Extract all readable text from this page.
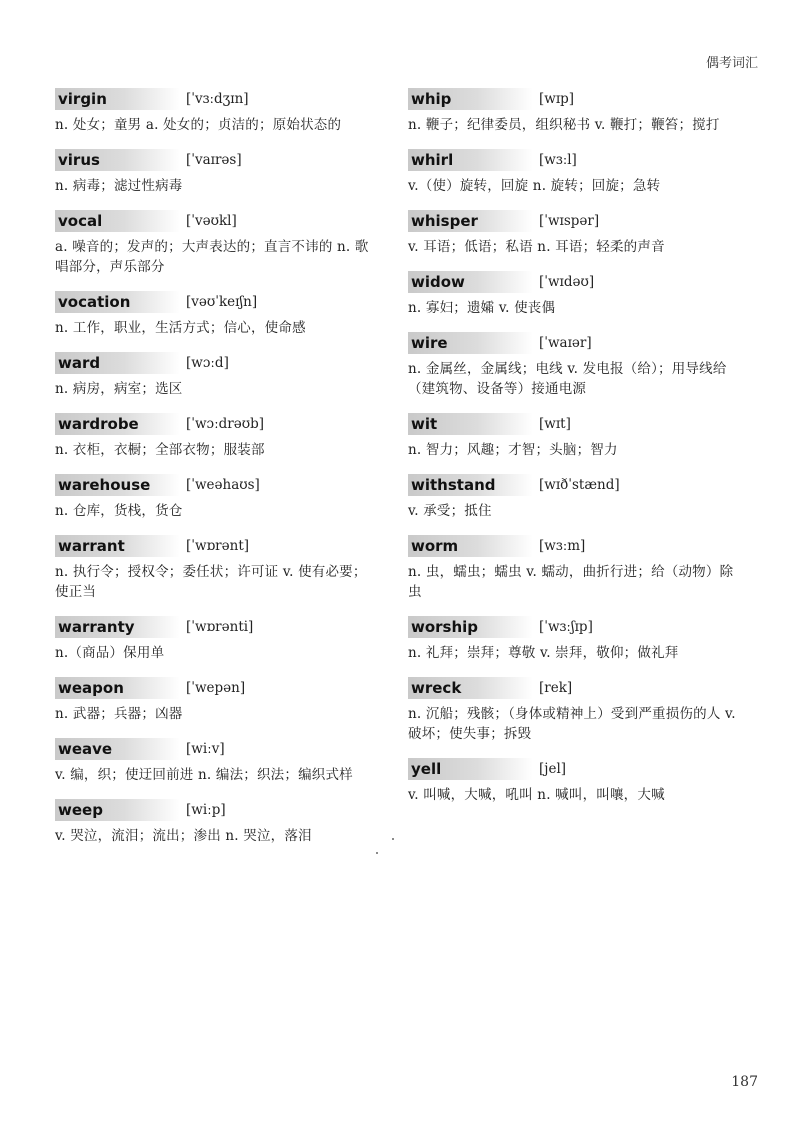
偶考词汇
virgin	[ˈvɜːdʒɪn]
n. 处女；童男 a. 处女的；贞洁的；原始状态的
virus	[ˈvaɪrəs]
n. 病毒；滤过性病毒
vocal	[ˈvəʊkl]
a. 噪音的；发声的；大声表达的；直言不讳的 n. 歌唱部分，声乐部分
vocation	[vəʊˈkeɪʃn]
n. 工作，职业，生活方式；信心，使命感
ward	[wɔːd]
n. 病房，病室；选区
wardrobe	[ˈwɔːdrəʊb]
n. 衣柜，衣橱；全部衣物；服装部
warehouse	[ˈweəhaʊs]
n. 仓库，货栈，货仓
warrant	[ˈwɒrənt]
n. 执行令；授权令；委任状；许可证 v. 使有必要；使正当
warranty	[ˈwɒrənti]
n.（商品）保用单
weapon	[ˈwepən]
n. 武器；兵器；凶器
weave	[wiːv]
v. 编，织；使迂回前进 n. 编法；织法；编织式样
weep	[wiːp]
v. 哭泣，流泪；流出；渗出 n. 哭泣，落泪
whip	[wɪp]
n. 鞭子；纪律委员，组织秘书 v. 鞭打；鞭笞；搅打
whirl	[wɜːl]
v.（使）旋转，回旋 n. 旋转；回旋；急转
whisper	[ˈwɪspər]
v. 耳语；低语；私语 n. 耳语；轻柔的声音
widow	[ˈwɪdəʊ]
n. 寡妇；遗孀 v. 使丧偶
wire	[ˈwaɪər]
n. 金属丝，金属线；电线 v. 发电报（给）；用导线给（建筑物、设备等）接通电源
wit	[wɪt]
n. 智力；风趣；才智；头脑；智力
withstand	[wɪðˈstænd]
v. 承受；抵住
worm	[wɜːm]
n. 虫，蠕虫；蠕虫 v. 蠕动，曲折行进；给（动物）除虫
worship	[ˈwɜːʃɪp]
n. 礼拜；崇拜；尊敬 v. 崇拜，敬仰；做礼拜
wreck	[rek]
n. 沉船；残骸；（身体或精神上）受到严重损伤的人 v. 破坏；使失事；拆毁
yell	[jel]
v. 叫喊，大喊，吼叫 n. 喊叫，叫嚷，大喊
187
